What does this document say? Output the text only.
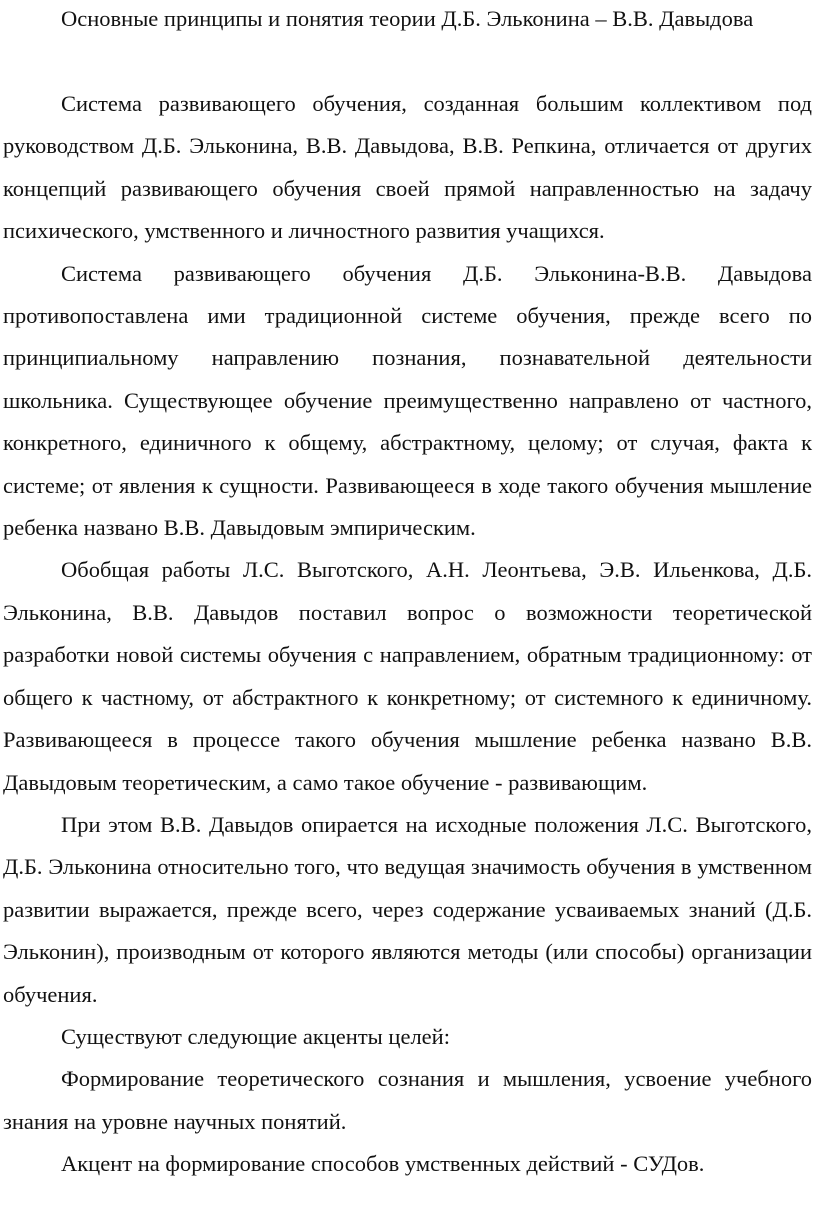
Основные принципы и понятия теории Д.Б. Эльконина – В.В. Давыдова

Система развивающего обучения, созданная большим коллективом под руководством Д.Б. Эльконина, В.В. Давыдова, В.В. Репкина, отличается от других концепций развивающего обучения своей прямой направленностью на задачу психического, умственного и личностного развития учащихся.

Система развивающего обучения Д.Б. Эльконина-В.В. Давыдова противопоставлена ими традиционной системе обучения, прежде всего по принципиальному направлению познания, познавательной деятельности школьника. Существующее обучение преимущественно направлено от частного, конкретного, единичного к общему, абстрактному, целому; от случая, факта к системе; от явления к сущности. Развивающееся в ходе такого обучения мышление ребенка названо В.В. Давыдовым эмпирическим.

Обобщая работы Л.С. Выготского, А.Н. Леонтьева, Э.В. Ильенкова, Д.Б. Эльконина, В.В. Давыдов поставил вопрос о возможности теоретической разработки новой системы обучения с направлением, обратным традиционному: от общего к частному, от абстрактного к конкретному; от системного к единичному. Развивающееся в процессе такого обучения мышление ребенка названо В.В. Давыдовым теоретическим, а само такое обучение - развивающим.

При этом В.В. Давыдов опирается на исходные положения Л.С. Выготского, Д.Б. Эльконина относительно того, что ведущая значимость обучения в умственном развитии выражается, прежде всего, через содержание усваиваемых знаний (Д.Б. Эльконин), производным от которого являются методы (или способы) организации обучения.

Существуют следующие акценты целей:

Формирование теоретического сознания и мышления, усвоение учебного знания на уровне научных понятий.

Акцент на формирование способов умственных действий - СУДов.
